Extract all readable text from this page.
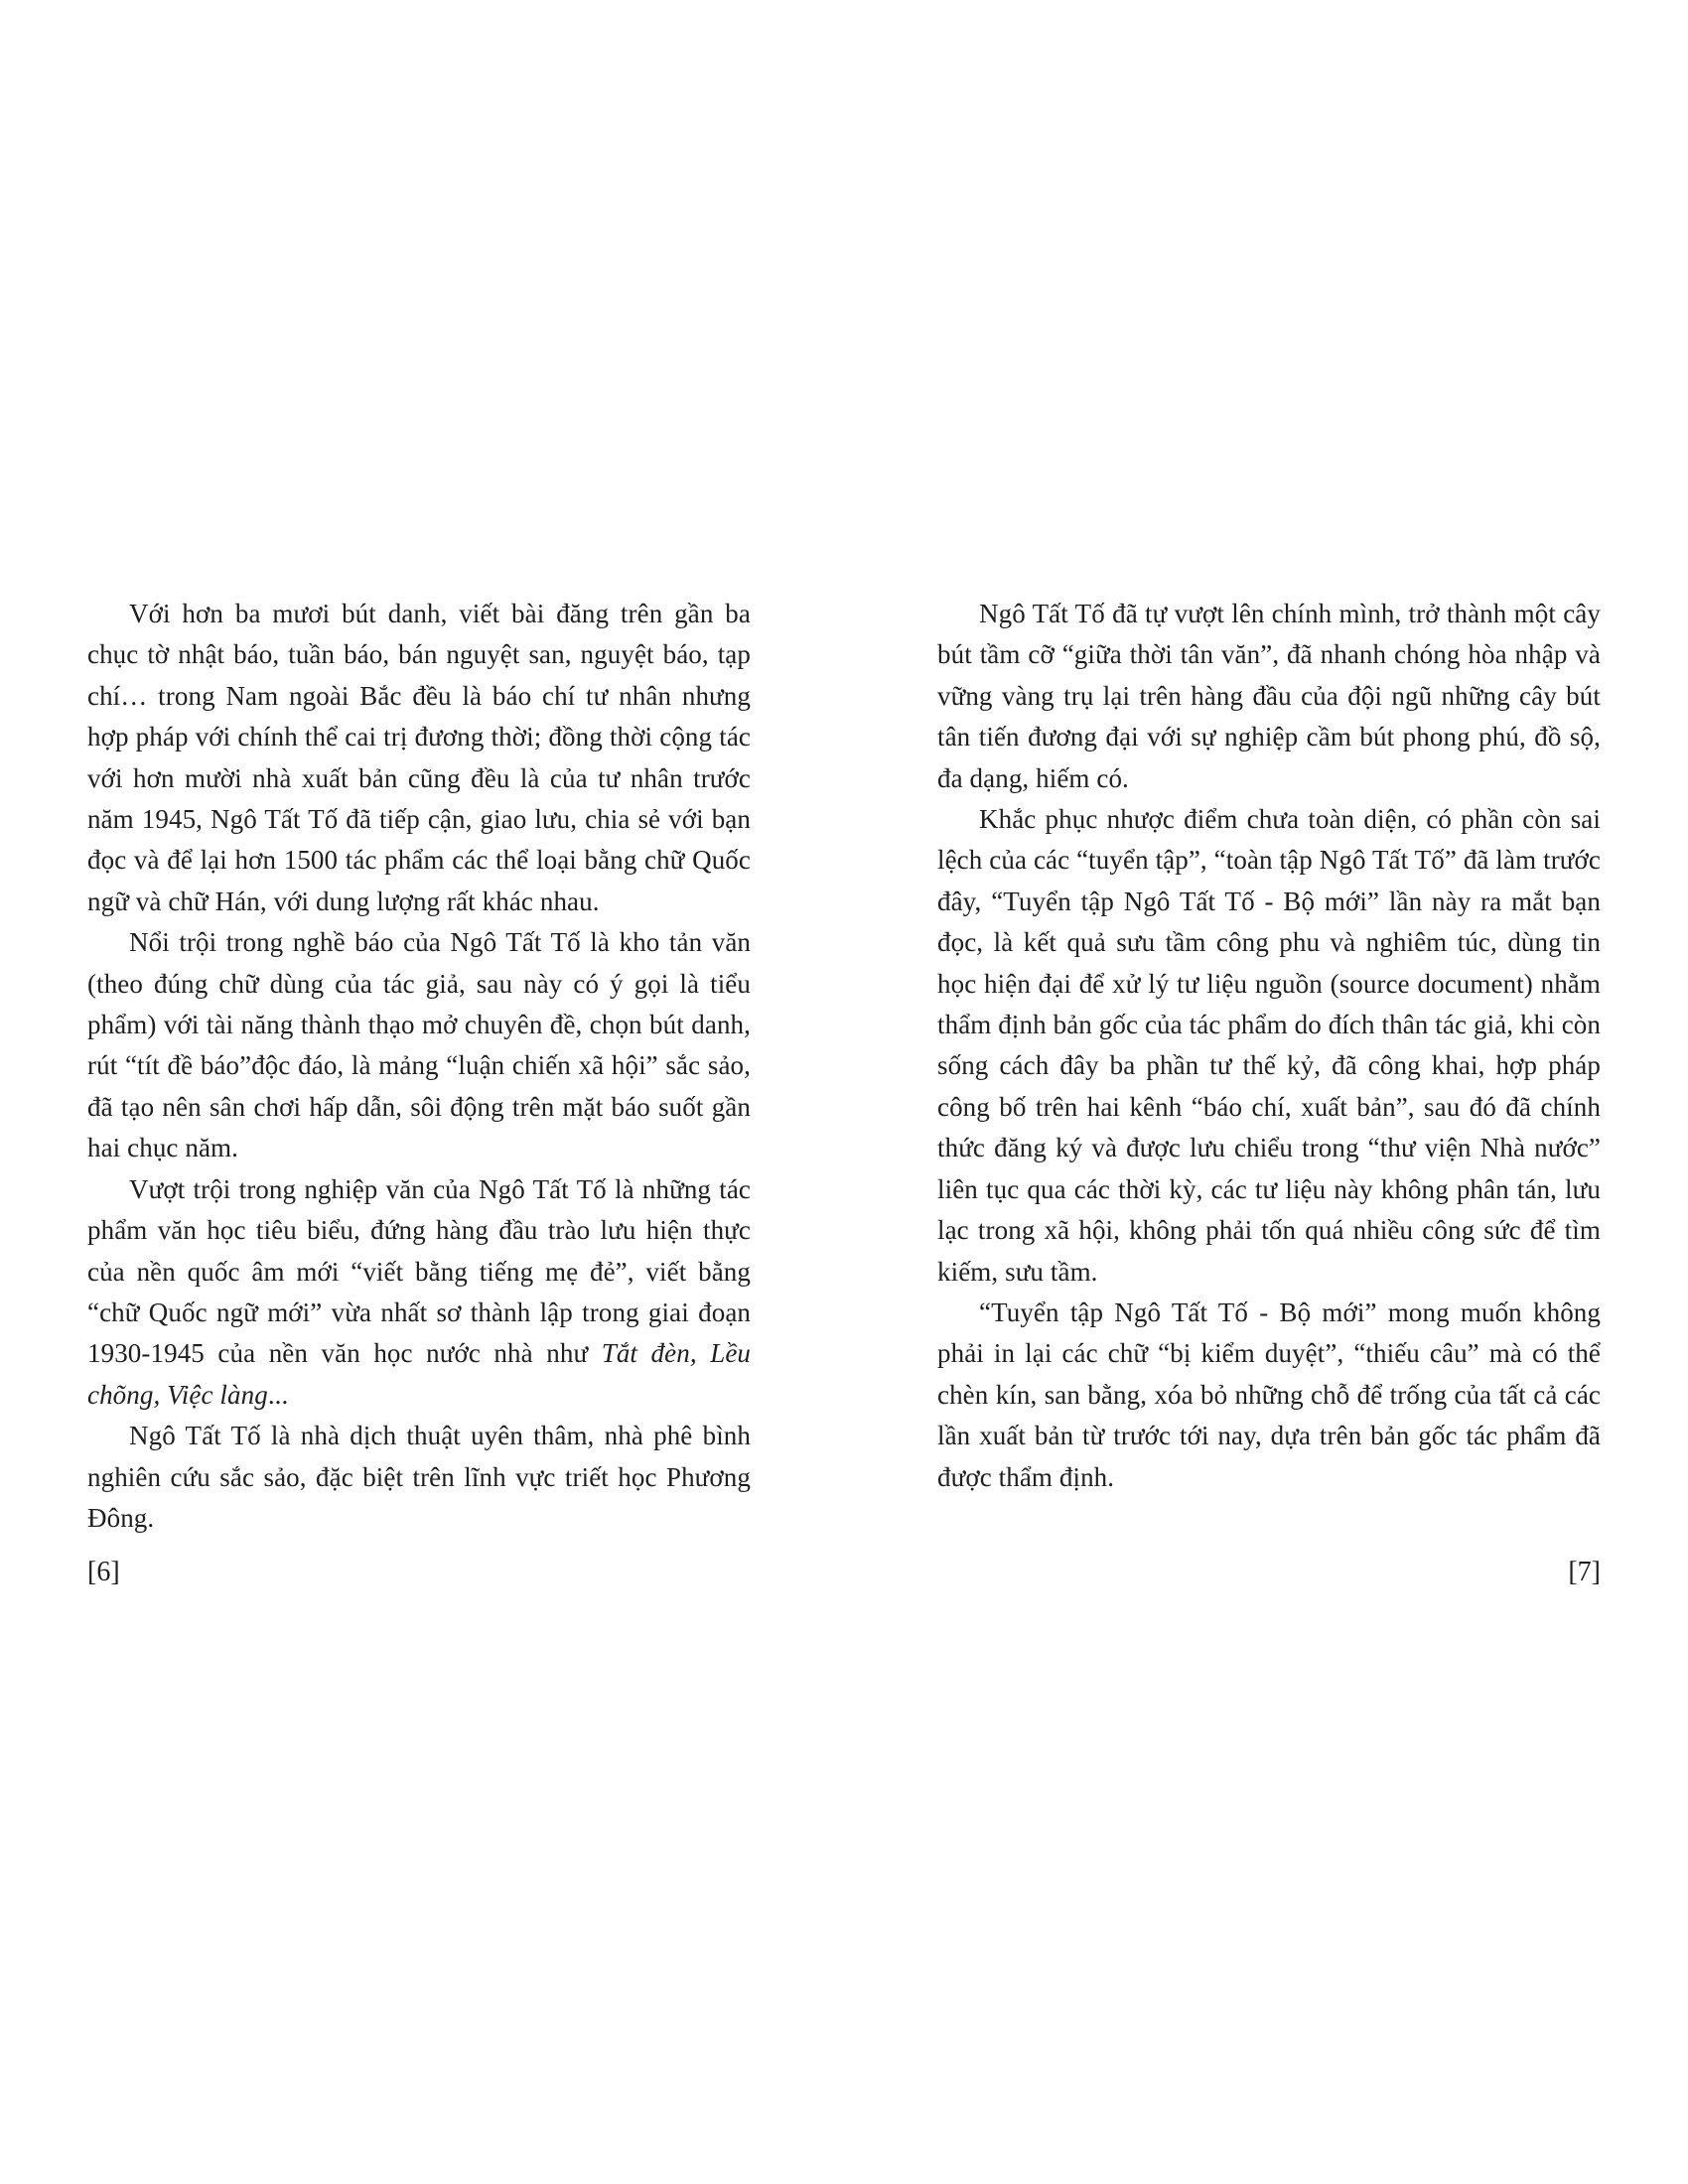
Với hơn ba mươi bút danh, viết bài đăng trên gần ba chục tờ nhật báo, tuần báo, bán nguyệt san, nguyệt báo, tạp chí… trong Nam ngoài Bắc đều là báo chí tư nhân nhưng hợp pháp với chính thể cai trị đương thời; đồng thời cộng tác với hơn mười nhà xuất bản cũng đều là của tư nhân trước năm 1945, Ngô Tất Tố đã tiếp cận, giao lưu, chia sẻ với bạn đọc và để lại hơn 1500 tác phẩm các thể loại bằng chữ Quốc ngữ và chữ Hán, với dung lượng rất khác nhau.

Nổi trội trong nghề báo của Ngô Tất Tố là kho tản văn (theo đúng chữ dùng của tác giả, sau này có ý gọi là tiểu phẩm) với tài năng thành thạo mở chuyên đề, chọn bút danh, rút “tít đề báo”độc đáo, là mảng “luận chiến xã hội” sắc sảo, đã tạo nên sân chơi hấp dẫn, sôi động trên mặt báo suốt gần hai chục năm.

Vượt trội trong nghiệp văn của Ngô Tất Tố là những tác phẩm văn học tiêu biểu, đứng hàng đầu trào lưu hiện thực của nền quốc âm mới “viết bằng tiếng mẹ đẻ”, viết bằng “chữ Quốc ngữ mới” vừa nhất sơ thành lập trong giai đoạn 1930-1945 của nền văn học nước nhà như Tắt đèn, Lều chõng, Việc làng...

Ngô Tất Tố là nhà dịch thuật uyên thâm, nhà phê bình nghiên cứu sắc sảo, đặc biệt trên lĩnh vực triết học Phương Đông.

[6]

Ngô Tất Tố đã tự vượt lên chính mình, trở thành một cây bút tầm cỡ “giữa thời tân văn”, đã nhanh chóng hòa nhập và vững vàng trụ lại trên hàng đầu của đội ngũ những cây bút tân tiến đương đại với sự nghiệp cầm bút phong phú, đồ sộ, đa dạng, hiếm có.

Khắc phục nhược điểm chưa toàn diện, có phần còn sai lệch của các “tuyển tập”, “toàn tập Ngô Tất Tố” đã làm trước đây, “Tuyển tập Ngô Tất Tố - Bộ mới” lần này ra mắt bạn đọc, là kết quả sưu tầm công phu và nghiêm túc, dùng tin học hiện đại để xử lý tư liệu nguồn (source document) nhằm thẩm định bản gốc của tác phẩm do đích thân tác giả, khi còn sống cách đây ba phần tư thế kỷ, đã công khai, hợp pháp công bố trên hai kênh “báo chí, xuất bản”, sau đó đã chính thức đăng ký và được lưu chiểu trong “thư viện Nhà nước” liên tục qua các thời kỳ, các tư liệu này không phân tán, lưu lạc trong xã hội, không phải tốn quá nhiều công sức để tìm kiếm, sưu tầm.

“Tuyển tập Ngô Tất Tố - Bộ mới” mong muốn không phải in lại các chữ “bị kiểm duyệt”, “thiếu câu” mà có thể chèn kín, san bằng, xóa bỏ những chỗ để trống của tất cả các lần xuất bản từ trước tới nay, dựa trên bản gốc tác phẩm đã được thẩm định.

[7]
